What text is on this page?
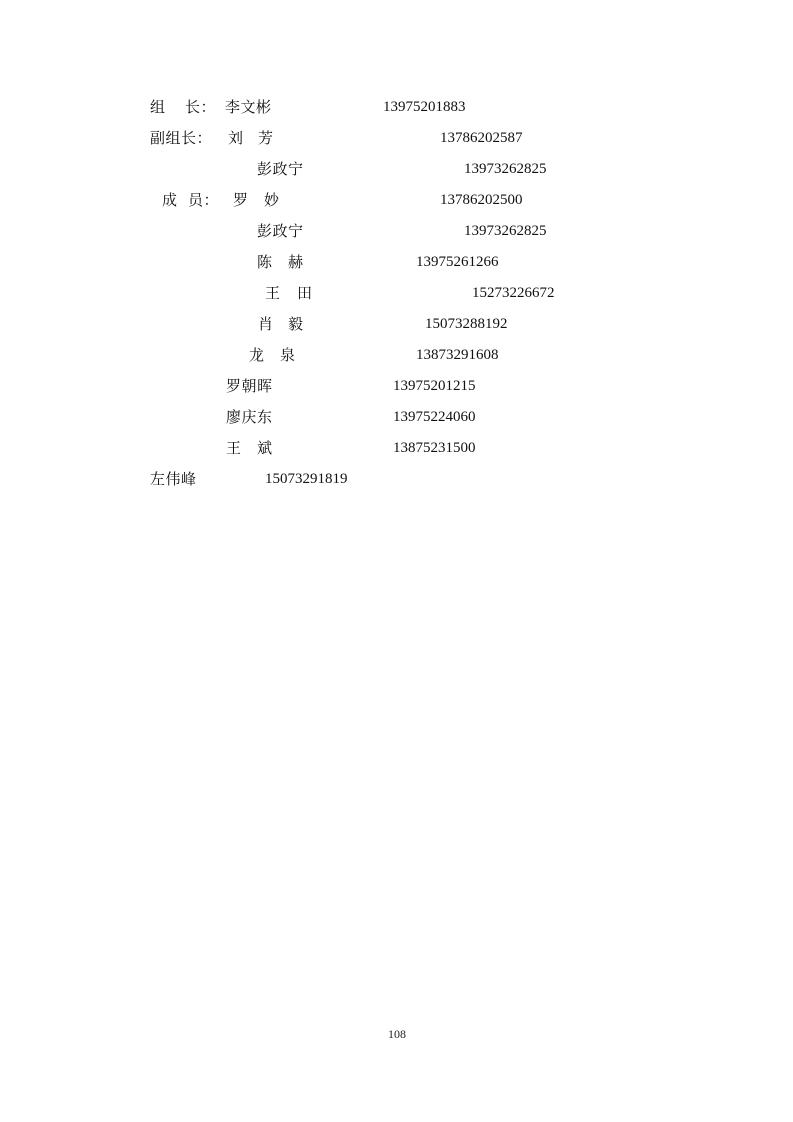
组 长： 李文彬	13975201883
副组长： 刘 芳	13786202587
彭政宁	13973262825
成 员： 罗 妙	13786202500
彭政宁	13973262825
陈 赫	13975261266
王 田	15273226672
肖 毅	15073288192
龙 泉	13873291608
罗朝晖	13975201215
廖庆东	13975224060
王 斌	13875231500
左伟峰	15073291819
108
